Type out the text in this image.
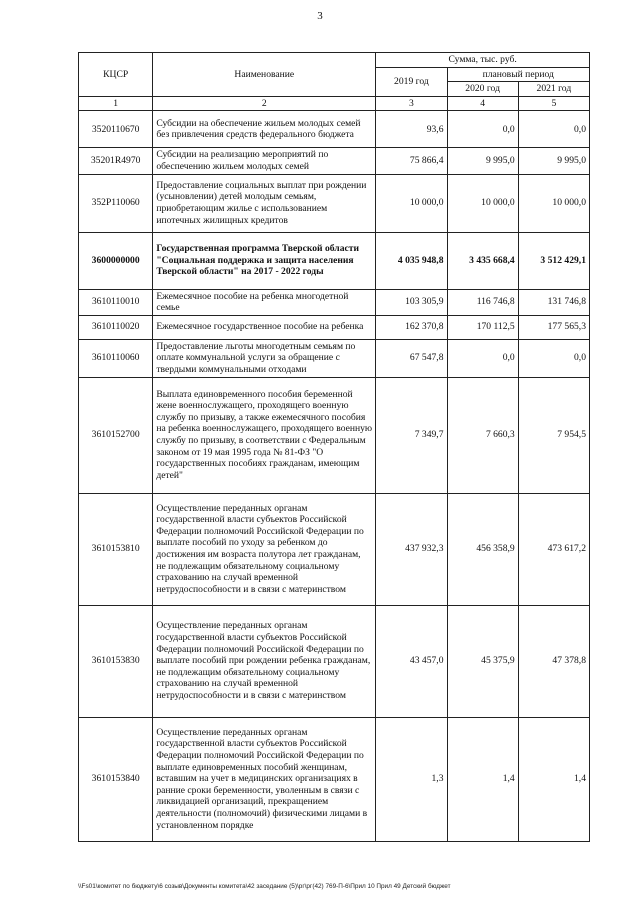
3
КЦСР	Наименование	Сумма, тыс. руб.		
		2019 год	плановый период	
			2020 год	2021 год
1	2	3	4	5
3520110670	Субсидии на обеспечение жильем молодых семей без привлечения средств федерального бюджета	93,6	0,0	0,0
35201R4970	Субсидии на реализацию мероприятий по обеспечению жильем молодых семей	75 866,4	9 995,0	9 995,0
352P110060	Предоставление социальных выплат при рождении (усыновлении) детей молодым семьям, приобретающим жилье с использованием ипотечных жилищных кредитов	10 000,0	10 000,0	10 000,0
3600000000	Государственная программа Тверской области "Социальная поддержка и защита населения Тверской области" на 2017 - 2022 годы	4 035 948,8	3 435 668,4	3 512 429,1
3610110010	Ежемесячное пособие на ребенка многодетной семье	103 305,9	116 746,8	131 746,8
3610110020	Ежемесячное государственное пособие на ребенка	162 370,8	170 112,5	177 565,3
3610110060	Предоставление льготы многодетным семьям по оплате коммунальной услуги за обращение с твердыми коммунальными отходами	67 547,8	0,0	0,0
3610152700	Выплата единовременного пособия беременной жене военнослужащего, проходящего военную службу по призыву, а также ежемесячного пособия на ребенка военнослужащего, проходящего военную службу по призыву, в соответствии с Федеральным законом от 19 мая 1995 года № 81-ФЗ "О государственных пособиях гражданам, имеющим детей"	7 349,7	7 660,3	7 954,5
3610153810	Осуществление переданных органам государственной власти субъектов Российской Федерации полномочий Российской Федерации по выплате пособий по уходу за ребенком до достижения им возраста полутора лет гражданам, не подлежащим обязательному социальному страхованию на случай временной нетрудоспособности и в связи с материнством	437 932,3	456 358,9	473 617,2
3610153830	Осуществление переданных органам государственной власти субъектов Российской Федерации полномочий Российской Федерации по выплате пособий при рождении ребенка гражданам, не подлежащим обязательному социальному страхованию на случай временной нетрудоспособности и в связи с материнством	43 457,0	45 375,9	47 378,8
3610153840	Осуществление переданных органам государственной власти субъектов Российской Федерации полномочий Российской Федерации по выплате единовременных пособий женщинам, вставшим на учет в медицинских организациях в ранние сроки беременности, уволенным в связи с ликвидацией организаций, прекращением деятельности (полномочий) физическими лицами в установленном порядке	1,3	1,4	1,4
\\Fs01\комитет по бюджету\6 созыв\Документы комитета\42 заседание (5)\рг\рг(42) 769-П-6\Прил 10 Прил 49 Детский бюджет
